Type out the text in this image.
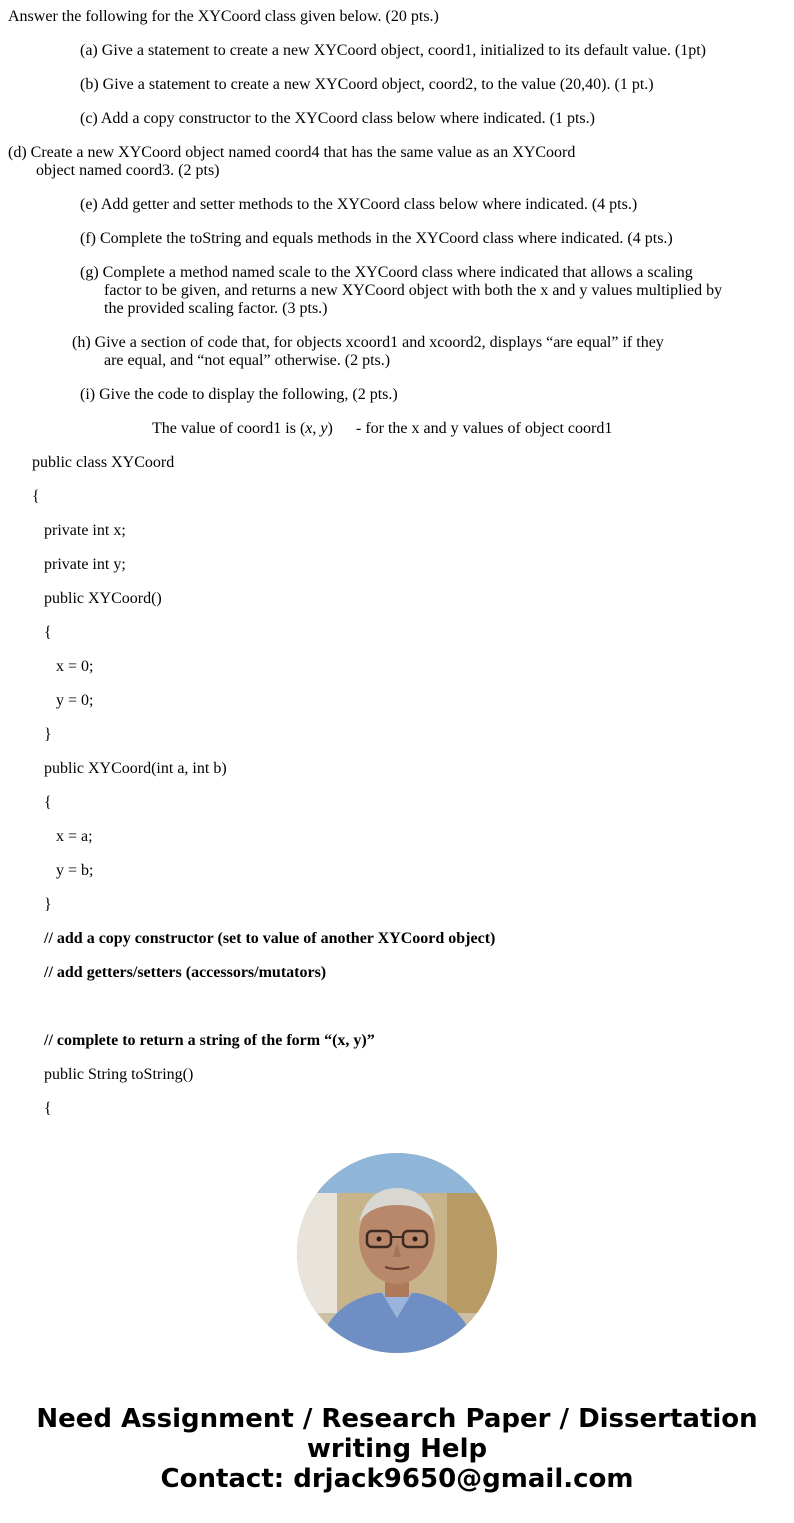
Answer the following for the XYCoord class given below. (20 pts.)
(a) Give a statement to create a new XYCoord object, coord1, initialized to its default value. (1pt)
(b) Give a statement to create a new XYCoord object, coord2, to the value (20,40). (1 pt.)
(c) Add a copy constructor to the XYCoord class below where indicated. (1 pts.)
(d) Create a new XYCoord object named coord4 that has the same value as an XYCoord
object named coord3. (2 pts)
(e) Add getter and setter methods to the XYCoord class below where indicated. (4 pts.)
(f) Complete the toString and equals methods in the XYCoord class where indicated. (4 pts.)
(g) Complete a method named scale to the XYCoord class where indicated that allows a scaling
factor to be given, and returns a new XYCoord object with both the x and y values multiplied by
the provided scaling factor. (3 pts.)
(h) Give a section of code that, for objects xcoord1 and xcoord2, displays “are equal” if they
are equal, and “not equal” otherwise. (2 pts.)
(i) Give the code to display the following, (2 pts.)
The value of coord1 is (x, y) - for the x and y values of object coord1
public class XYCoord
{
private int x;
private int y;
public XYCoord()
{
x = 0;
y = 0;
}
public XYCoord(int a, int b)
{
x = a;
y = b;
}
// add a copy constructor (set to value of another XYCoord object)
// add getters/setters (accessors/mutators)
// complete to return a string of the form “(x, y)”
public String toString()
{
Need Assignment / Research Paper / Dissertation
writing Help
Contact: drjack9650@gmail.com
